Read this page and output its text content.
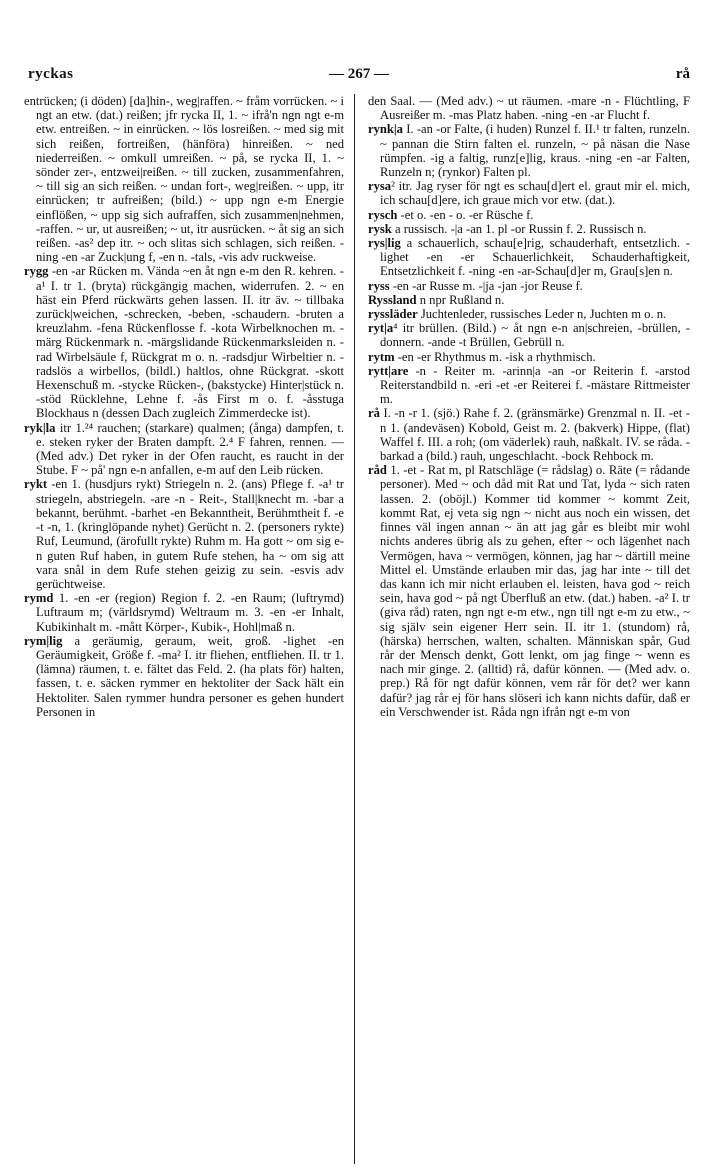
ryckas	— 267 —	rå

entrücken; (i döden) [da]hin-, weg|raffen. ~ fråm vorrücken. ~ i ngt an etw. (dat.) reißen; jfr rycka II, 1. ~ ifrå'n ngn ngt e-m etw. entreißen. ~ in einrücken. ~ lös losreißen. ~ med sig mit sich reißen, fortreißen, (hänföra) hinreißen. ~ ned niederreißen. ~ omkull umreißen. ~ på, se rycka II, 1. ~ sönder zer-, entzwei|reißen. ~ till zucken, zusammenfahren, ~ till sig an sich reißen. ~ undan fort-, weg|reißen. ~ upp, itr einrücken; tr aufreißen; (bild.) ~ upp ngn e-m Energie einflößen, ~ upp sig sich aufraffen, sich zusammen|nehmen, -raffen. ~ ur, ut ausreißen; ~ ut, itr ausrücken. ~ åt sig an sich reißen. -as² dep itr. ~ och slitas sich schlagen, sich reißen. -ning -en -ar Zuck|ung f, -en n. -tals, -vis adv ruckweise.

rygg -en -ar Rücken m. Vända ~en åt ngn e-m den R. kehren. -a¹ I. tr 1. (bryta) rückgängig machen, widerrufen. 2. ~ en häst ein Pferd rückwärts gehen lassen. II. itr äv. ~ tillbaka zurück|weichen, -schrecken, -beben, -schaudern. -bruten a kreuzlahm. -fena Rückenflosse f. -kota Wirbelknochen m. -märg Rückenmark n. -märgslidande Rückenmarksleiden n. -rad Wirbelsäule f, Rückgrat m o. n. -radsdjur Wirbeltier n. -radslös a wirbellos, (bildl.) haltlos, ohne Rückgrat. -skott Hexenschuß m. -stycke Rücken-, (bakstycke) Hinter|stück n. -stöd Rücklehne, Lehne f. -ås First m o. f. -åsstuga Blockhaus n (dessen Dach zugleich Zimmerdecke ist).

ryk|la itr 1.²⁴ rauchen; (starkare) qualmen; (ånga) dampfen, t. e. steken ryker der Braten dampft. 2.⁴ F fahren, rennen. — (Med adv.) Det ryker in der Ofen raucht, es raucht in der Stube. F ~ på' ngn e-n anfallen, e-m auf den Leib rücken.

rykt -en 1. (husdjurs rykt) Striegeln n. 2. (ans) Pflege f. -a¹ tr striegeln, abstriegeln. -are -n - Reit-, Stall|knecht m. -bar a bekannt, berühmt. -barhet -en Bekanntheit, Berühmtheit f. -e -t -n, 1. (kringlöpande nyhet) Gerücht n. 2. (personers rykte) Ruf, Leumund, (ärofullt rykte) Ruhm m. Ha gott ~ om sig e-n guten Ruf haben, in gutem Rufe stehen, ha ~ om sig att vara snål in dem Rufe stehen geizig zu sein. -esvis adv gerüchtweise.

rymd 1. -en -er (region) Region f. 2. -en Raum; (luftrymd) Luftraum m; (världsrymd) Weltraum m. 3. -en -er Inhalt, Kubikinhalt m. -mått Körper-, Kubik-, Hohl|maß n.

rym|lig a geräumig, geraum, weit, groß. -lighet -en Geräumigkeit, Größe f. -ma² I. itr fliehen, entfliehen. II. tr 1. (lämna) räumen, t. e. fältet das Feld. 2. (ha plats för) halten, fassen, t. e. säcken rymmer en hektoliter der Sack hält ein Hektoliter. Salen rymmer hundra personer es gehen hundert Personen in

den Saal. — (Med adv.) ~ ut räumen. -mare -n - Flüchtling, F Ausreißer m. -mas Platz haben. -ning -en -ar Flucht f.

rynk|a I. -an -or Falte, (i huden) Runzel f. II.¹ tr falten, runzeln. ~ pannan die Stirn falten el. runzeln, ~ på näsan die Nase rümpfen. -ig a faltig, runz[e]lig, kraus. -ning -en -ar Falten, Runzeln n; (rynkor) Falten pl.

rysa² itr. Jag ryser för ngt es schau[d]ert el. graut mir el. mich, ich schau[d]ere, ich graue mich vor etw. (dat.).

rysch -et o. -en - o. -er Rüsche f.

rysk a russisch. -|a -an 1. pl -or Russin f. 2. Russisch n.

rys|lig a schauerlich, schau[e]rig, schauderhaft, entsetzlich. -lighet -en -er Schauerlichkeit, Schauderhaftigkeit, Entsetzlichkeit f. -ning -en -ar-Schau[d]er m, Grau[s]en n.

ryss -en -ar Russe m. -|ja -jan -jor Reuse f.

Ryssland n npr Rußland n.

ryssläder Juchtenleder, russisches Leder n, Juchten m o. n.

ryt|a⁴ itr brüllen. (Bild.) ~ åt ngn e-n an|schreien, -brüllen, -donnern. -ande -t Brüllen, Gebrüll n.

rytm -en -er Rhythmus m. -isk a rhythmisch.

rytt|are -n - Reiter m. -arinn|a -an -or Reiterin f. -arstod Reiterstandbild n. -eri -et -er Reiterei f. -mästare Rittmeister m.

rå I. -n -r 1. (sjö.) Rahe f. 2. (gränsmärke) Grenzmal n. II. -et -n 1. (andeväsen) Kobold, Geist m. 2. (bakverk) Hippe, (flat) Waffel f. III. a roh; (om väderlek) rauh, naßkalt. IV. se råda. -barkad a (bild.) rauh, ungeschlacht. -bock Rehbock m.

råd 1. -et - Rat m, pl Ratschläge (= rådslag) o. Räte (= rådande personer). Med ~ och dåd mit Rat und Tat, lyda ~ sich raten lassen. 2. (oböjl.) Kommer tid kommer ~ kommt Zeit, kommt Rat, ej veta sig ngn ~ nicht aus noch ein wissen, det finnes väl ingen annan ~ än att jag går es bleibt mir wohl nichts anderes übrig als zu gehen, efter ~ och lägenhet nach Vermögen, hava ~ vermögen, können, jag har ~ därtill meine Mittel el. Umstände erlauben mir das, jag har inte ~ till det das kann ich mir nicht erlauben el. leisten, hava god ~ reich sein, hava god ~ på ngt Überfluß an etw. (dat.) haben. -a² I. tr (giva råd) raten, ngn ngt e-m etw., ngn till ngt e-m zu etw., ~ sig själv sein eigener Herr sein. II. itr 1. (stundom) rå, (härska) herrschen, walten, schalten. Människan spår, Gud rår der Mensch denkt, Gott lenkt, om jag finge ~ wenn es nach mir ginge. 2. (alltid) rå, dafür können. — (Med adv. o. prep.) Rå för ngt dafür können, vem rår för det? wer kann dafür? jag rår ej för hans slöseri ich kann nichts dafür, daß er ein Verschwender ist. Råda ngn ifrån ngt e-m von
